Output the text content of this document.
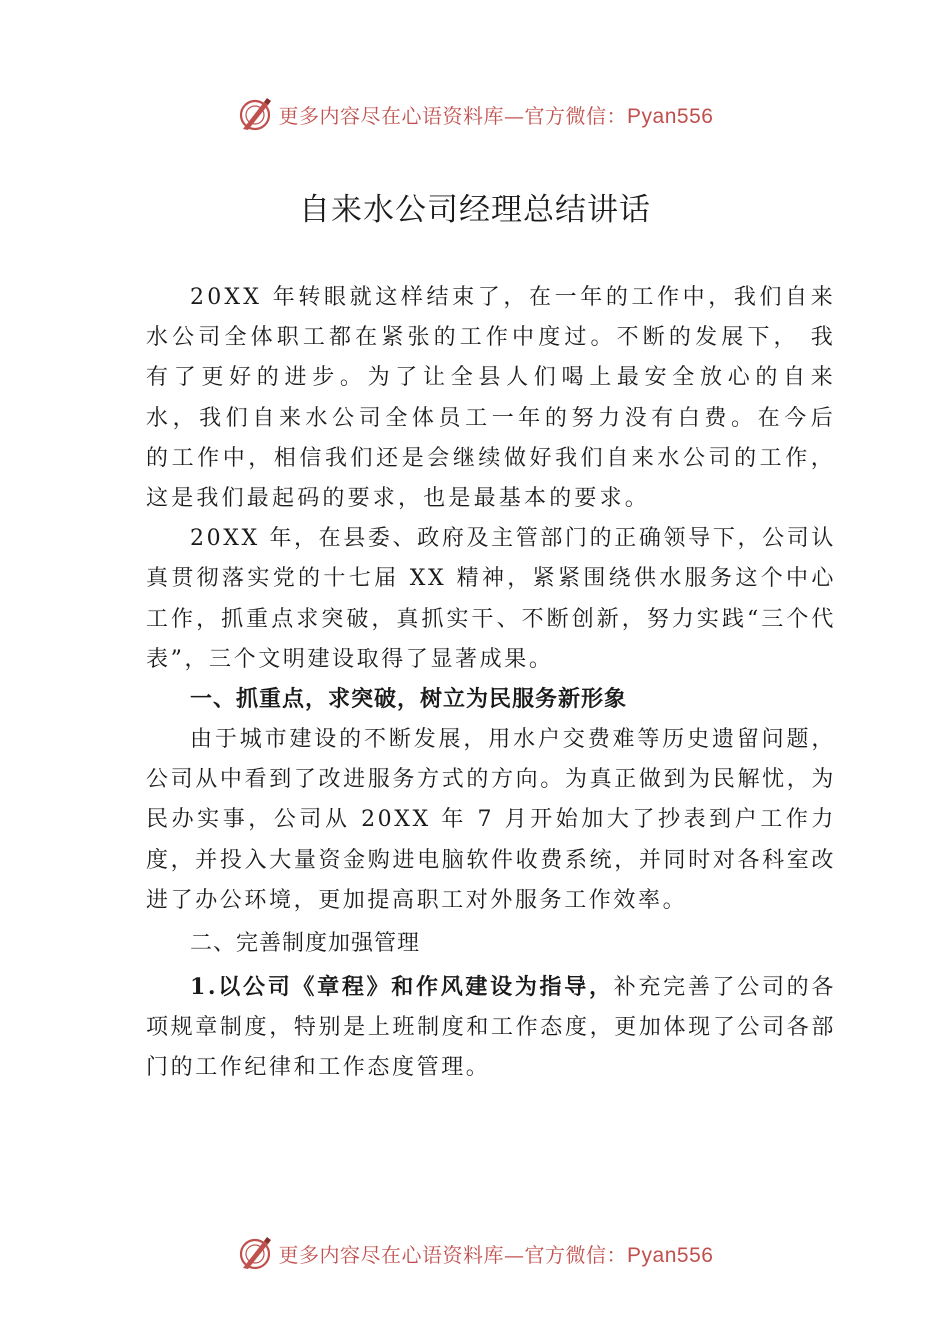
更多内容尽在心语资料库—官方微信：Pyan556
自来水公司经理总结讲话

20XX 年转眼就这样结束了，在一年的工作中，我们自来水公司全体职工都在紧张的工作中度过。不断的发展下， 我有了更好的进步。为了让全县人们喝上最安全放心的自来 水，我们自来水公司全体员工一年的努力没有白费。在今后 的工作中，相信我们还是会继续做好我们自来水公司的工作， 这是我们最起码的要求，也是最基本的要求。

20XX 年，在县委、政府及主管部门的正确领导下，公司认真贯彻落实党的十七届 XX 精神，紧紧围绕供水服务这个中心工作，抓重点求突破，真抓实干、不断创新，努力实践“三个代表”，三个文明建设取得了显著成果。

一、抓重点，求突破，树立为民服务新形象

由于城市建设的不断发展，用水户交费难等历史遗留问题，公司从中看到了改进服务方式的方向。为真正做到为民解忧，为民办实事，公司从 20XX 年 7 月开始加大了抄表到户工作力度，并投入大量资金购进电脑软件收费系统，并同时对各科室改进了办公环境，更加提高职工对外服务工作效率。

二、完善制度加强管理

1.以公司《章程》和作风建设为指导，补充完善了公司的各项规章制度，特别是上班制度和工作态度，更加体现了公司各部门的工作纪律和工作态度管理。

更多内容尽在心语资料库—官方微信：Pyan556
